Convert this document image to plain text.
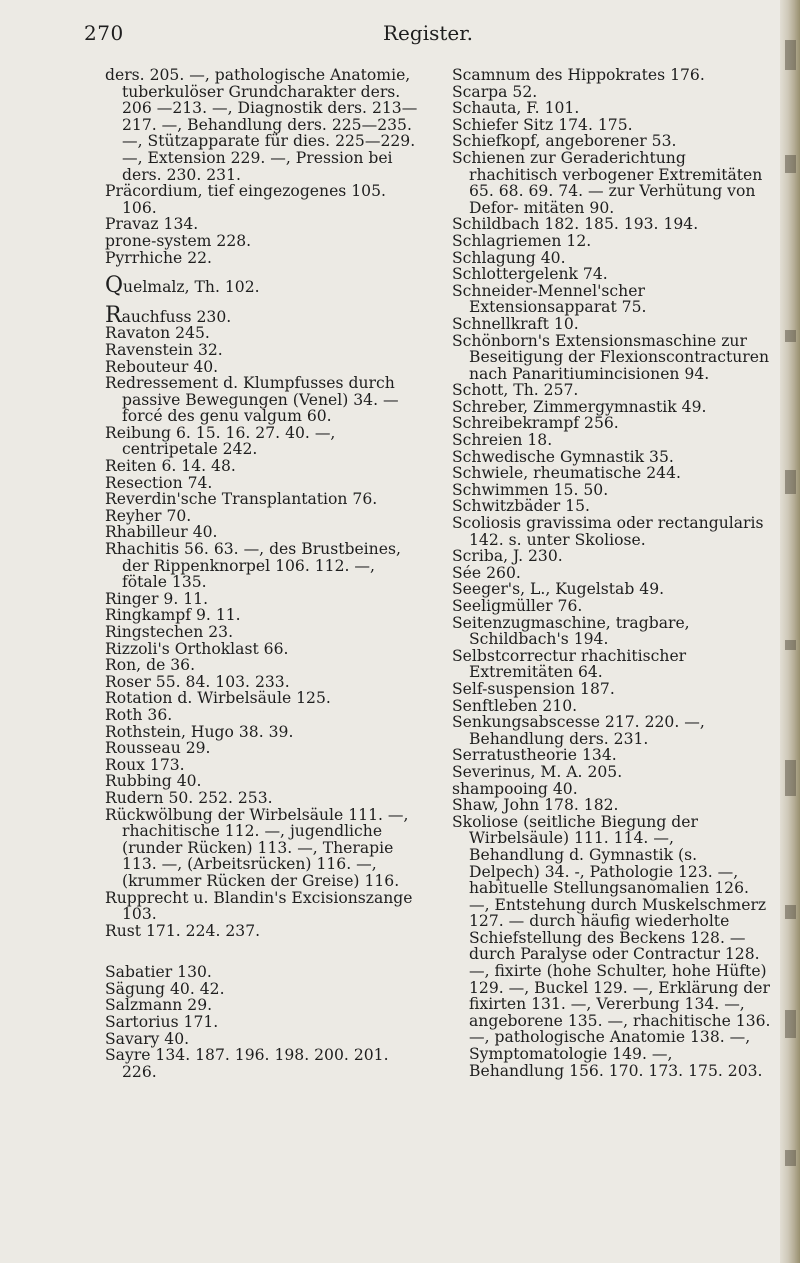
270	Register.
ders. 205. —, pathologische Anatomie, tuberkulöser Grundcharakter ders. 206 —213. —, Diagnostik ders. 213—217. —, Behandlung ders. 225—235. —, Stützapparate für dies. 225—229. —, Extension 229. —, Pression bei ders. 230. 231.
Präcordium, tief eingezogenes 105. 106.
Pravaz 134.
prone-system 228.
Pyrrhiche 22.
Quelmalz, Th. 102.
Rauchfuss 230.
Ravaton 245.
Ravenstein 32.
Rebouteur 40.
Redressement d. Klumpfusses durch passive Bewegungen (Venel) 34. — forcé des genu valgum 60.
Reibung 6. 15. 16. 27. 40. —, centripetale 242.
Reiten 6. 14. 48.
Resection 74.
Reverdin'sche Transplantation 76.
Reyher 70.
Rhabilleur 40.
Rhachitis 56. 63. —, des Brustbeines, der Rippenknorpel 106. 112. —, fötale 135.
Ringer 9. 11.
Ringkampf 9. 11.
Ringstechen 23.
Rizzoli's Orthoklast 66.
Ron, de 36.
Roser 55. 84. 103. 233.
Rotation d. Wirbelsäule 125.
Roth 36.
Rothstein, Hugo 38. 39.
Rousseau 29.
Roux 173.
Rubbing 40.
Rudern 50. 252. 253.
Rückwölbung der Wirbelsäule 111. —, rhachitische 112. —, jugendliche (runder Rücken) 113. —, Therapie 113. —, (Arbeitsrücken) 116. —, (krummer Rücken der Greise) 116.
Rupprecht u. Blandin's Excisionszange 103.
Rust 171. 224. 237.
Sabatier 130.
Sägung 40. 42.
Salzmann 29.
Sartorius 171.
Savary 40.
Sayre 134. 187. 196. 198. 200. 201. 226.
Scamnum des Hippokrates 176.
Scarpa 52.
Schauta, F. 101.
Schiefer Sitz 174. 175.
Schiefkopf, angeborener 53.
Schienen zur Geraderichtung rhachitisch verbogener Extremitäten 65. 68. 69. 74. — zur Verhütung von Defor- mitäten 90.
Schildbach 182. 185. 193. 194.
Schlagriemen 12.
Schlagung 40.
Schlottergelenk 74.
Schneider-Mennel'scher Extensionsapparat 75.
Schnellkraft 10.
Schönborn's Extensionsmaschine zur Beseitigung der Flexionscontracturen nach Panaritiumincisionen 94.
Schott, Th. 257.
Schreber, Zimmergymnastik 49.
Schreibekrampf 256.
Schreien 18.
Schwedische Gymnastik 35.
Schwiele, rheumatische 244.
Schwimmen 15. 50.
Schwitzbäder 15.
Scoliosis gravissima oder rectangularis 142. s. unter Skoliose.
Scriba, J. 230.
Sée 260.
Seeger's, L., Kugelstab 49.
Seeligmüller 76.
Seitenzugmaschine, tragbare, Schildbach's 194.
Selbstcorrectur rhachitischer Extremitäten 64.
Self-suspension 187.
Senftleben 210.
Senkungsabscesse 217. 220. —, Behandlung ders. 231.
Serratustheorie 134.
Severinus, M. A. 205.
shampooing 40.
Shaw, John 178. 182.
Skoliose (seitliche Biegung der Wirbelsäule) 111. 114. —, Behandlung d. Gymnastik (s. Delpech) 34. -, Pathologie 123. —, habituelle Stellungsanomalien 126. —, Entstehung durch Muskelschmerz 127. — durch häufig wiederholte Schiefstellung des Beckens 128. — durch Paralyse oder Contractur 128. —, fixirte (hohe Schulter, hohe Hüfte) 129. —, Buckel 129. —, Erklärung der fixirten 131. —, Vererbung 134. —, angeborene 135. —, rhachitische 136. —, pathologische Anatomie 138. —, Symptomatologie 149. —, Behandlung 156. 170. 173. 175. 203.
